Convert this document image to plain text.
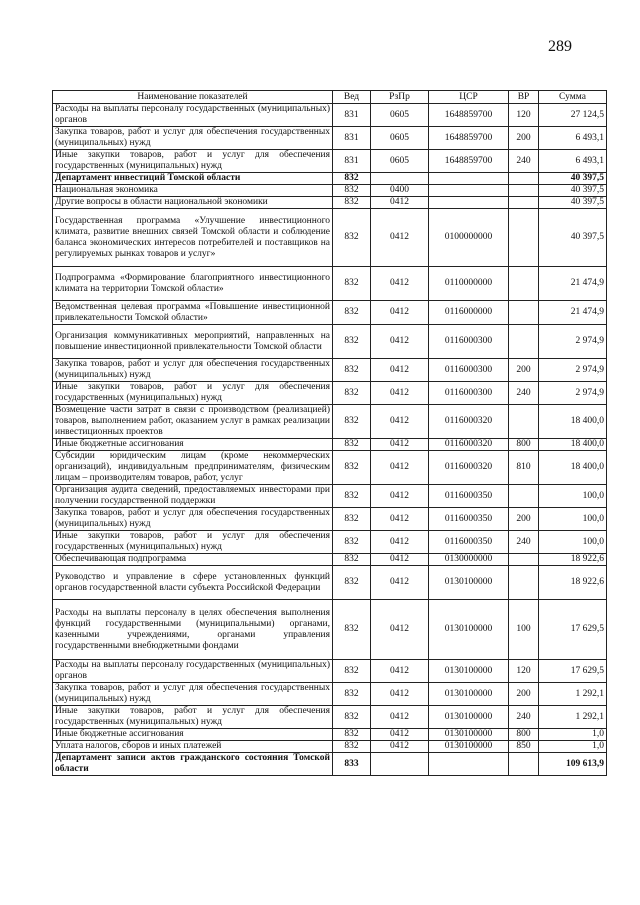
289
Наименование показателей	Вед	РзПр	ЦСР	ВР	Сумма
Расходы на выплаты персоналу государственных (муниципальных) органов	831	0605	1648859700	120	27 124,5
Закупка товаров, работ и услуг для обеспечения государственных (муниципальных) нужд	831	0605	1648859700	200	6 493,1
Иные закупки товаров, работ и услуг для обеспечения государственных (муниципальных) нужд	831	0605	1648859700	240	6 493,1
Департамент инвестиций Томской области	832				40 397,5
Национальная экономика	832	0400			40 397,5
Другие вопросы в области национальной экономики	832	0412			40 397,5
Государственная программа «Улучшение инвестиционного климата, развитие внешних связей Томской области и соблюдение баланса экономических интересов потребителей и поставщиков на регулируемых рынках товаров и услуг»	832	0412	0100000000		40 397,5
Подпрограмма «Формирование благоприятного инвестиционного климата на территории Томской области»	832	0412	0110000000		21 474,9
Ведомственная целевая программа «Повышение инвестиционной привлекательности Томской области»	832	0412	0116000000		21 474,9
Организация коммуникативных мероприятий, направленных на повышение инвестиционной привлекательности Томской области	832	0412	0116000300		2 974,9
Закупка товаров, работ и услуг для обеспечения государственных (муниципальных) нужд	832	0412	0116000300	200	2 974,9
Иные закупки товаров, работ и услуг для обеспечения государственных (муниципальных) нужд	832	0412	0116000300	240	2 974,9
Возмещение части затрат в связи с производством (реализацией) товаров, выполнением работ, оказанием услуг в рамках реализации инвестиционных проектов	832	0412	0116000320		18 400,0
Иные бюджетные ассигнования	832	0412	0116000320	800	18 400,0
Субсидии юридическим лицам (кроме некоммерческих организаций), индивидуальным предпринимателям, физическим лицам – производителям товаров, работ, услуг	832	0412	0116000320	810	18 400,0
Организация аудита сведений, предоставляемых инвесторами при получении государственной поддержки	832	0412	0116000350		100,0
Закупка товаров, работ и услуг для обеспечения государственных (муниципальных) нужд	832	0412	0116000350	200	100,0
Иные закупки товаров, работ и услуг для обеспечения государственных (муниципальных) нужд	832	0412	0116000350	240	100,0
Обеспечивающая подпрограмма	832	0412	0130000000		18 922,6
Руководство и управление в сфере установленных функций органов государственной власти субъекта Российской Федерации	832	0412	0130100000		18 922,6
Расходы на выплаты персоналу в целях обеспечения выполнения функций государственными (муниципальными) органами, казенными учреждениями, органами управления государственными внебюджетными фондами	832	0412	0130100000	100	17 629,5
Расходы на выплаты персоналу государственных (муниципальных) органов	832	0412	0130100000	120	17 629,5
Закупка товаров, работ и услуг для обеспечения государственных (муниципальных) нужд	832	0412	0130100000	200	1 292,1
Иные закупки товаров, работ и услуг для обеспечения государственных (муниципальных) нужд	832	0412	0130100000	240	1 292,1
Иные бюджетные ассигнования	832	0412	0130100000	800	1,0
Уплата налогов, сборов и иных платежей	832	0412	0130100000	850	1,0
Департамент записи актов гражданского состояния Томской области	833				109 613,9
